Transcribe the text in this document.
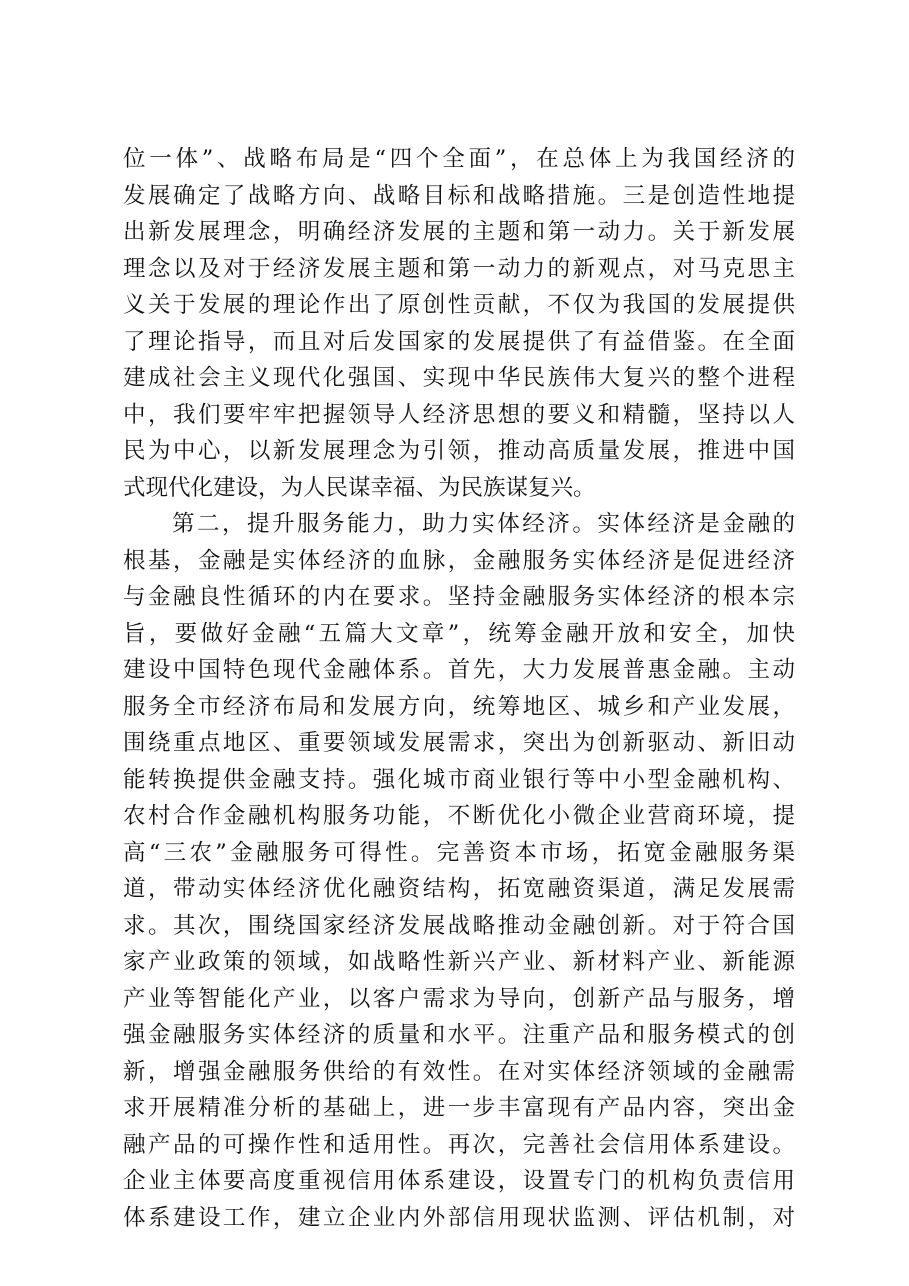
位一体”、战略布局是“四个全面”，在总体上为我国经济的
发展确定了战略方向、战略目标和战略措施。三是创造性地提
出新发展理念，明确经济发展的主题和第一动力。关于新发展
理念以及对于经济发展主题和第一动力的新观点，对马克思主
义关于发展的理论作出了原创性贡献，不仅为我国的发展提供
了理论指导，而且对后发国家的发展提供了有益借鉴。在全面
建成社会主义现代化强国、实现中华民族伟大复兴的整个进程
中，我们要牢牢把握领导人经济思想的要义和精髓，坚持以人
民为中心，以新发展理念为引领，推动高质量发展，推进中国
式现代化建设，为人民谋幸福、为民族谋复兴。
第二，提升服务能力，助力实体经济。实体经济是金融的
根基，金融是实体经济的血脉，金融服务实体经济是促进经济
与金融良性循环的内在要求。坚持金融服务实体经济的根本宗
旨，要做好金融“五篇大文章”，统筹金融开放和安全，加快
建设中国特色现代金融体系。首先，大力发展普惠金融。主动
服务全市经济布局和发展方向，统筹地区、城乡和产业发展，
围绕重点地区、重要领域发展需求，突出为创新驱动、新旧动
能转换提供金融支持。强化城市商业银行等中小型金融机构、
农村合作金融机构服务功能，不断优化小微企业营商环境，提
高“三农”金融服务可得性。完善资本市场，拓宽金融服务渠
道，带动实体经济优化融资结构，拓宽融资渠道，满足发展需
求。其次，围绕国家经济发展战略推动金融创新。对于符合国
家产业政策的领域，如战略性新兴产业、新材料产业、新能源
产业等智能化产业，以客户需求为导向，创新产品与服务，增
强金融服务实体经济的质量和水平。注重产品和服务模式的创
新，增强金融服务供给的有效性。在对实体经济领域的金融需
求开展精准分析的基础上，进一步丰富现有产品内容，突出金
融产品的可操作性和适用性。再次，完善社会信用体系建设。
企业主体要高度重视信用体系建设，设置专门的机构负责信用
体系建设工作，建立企业内外部信用现状监测、评估机制，对
